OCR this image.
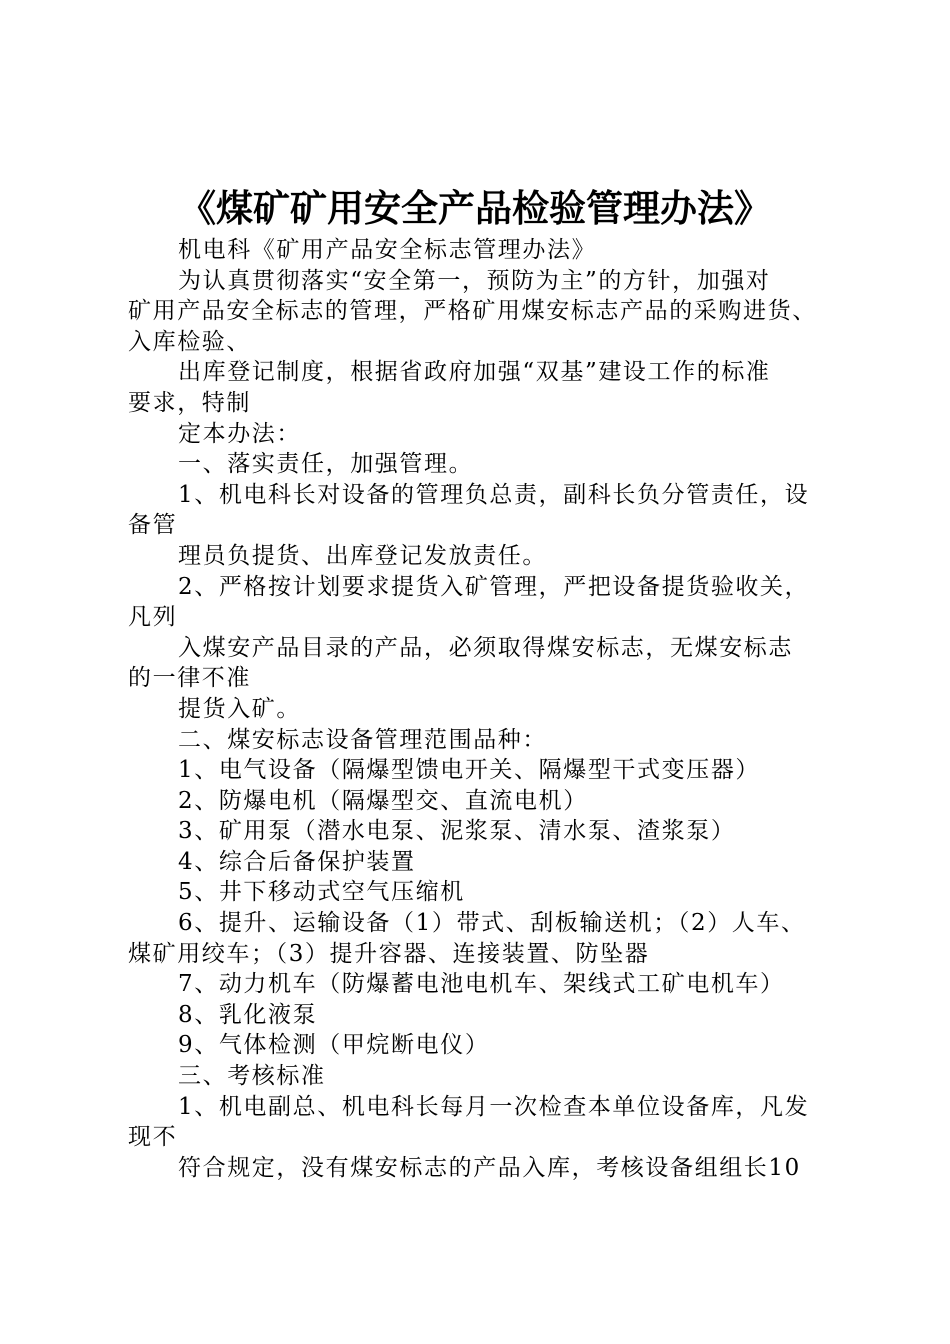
《煤矿矿用安全产品检验管理办法》
机电科《矿用产品安全标志管理办法》
为认真贯彻落实“安全第一，预防为主”的方针，加强对
矿用产品安全标志的管理，严格矿用煤安标志产品的采购进货、
入库检验、
出库登记制度，根据省政府加强“双基”建设工作的标准
要求，特制
定本办法：
一、落实责任，加强管理。
1、机电科长对设备的管理负总责，副科长负分管责任，设
备管
理员负提货、出库登记发放责任。
2、严格按计划要求提货入矿管理，严把设备提货验收关，
凡列
入煤安产品目录的产品，必须取得煤安标志，无煤安标志
的一律不准
提货入矿。
二、煤安标志设备管理范围品种：
1、电气设备（隔爆型馈电开关、隔爆型干式变压器）
2、防爆电机（隔爆型交、直流电机）
3、矿用泵（潜水电泵、泥浆泵、清水泵、渣浆泵）
4、综合后备保护装置
5、井下移动式空气压缩机
6、提升、运输设备（1）带式、刮板输送机；（2）人车、
煤矿用绞车；（3）提升容器、连接装置、防坠器
7、动力机车（防爆蓄电池电机车、架线式工矿电机车）
8、乳化液泵
9、气体检测（甲烷断电仪）
三、考核标准
1、机电副总、机电科长每月一次检查本单位设备库，凡发
现不
符合规定，没有煤安标志的产品入库，考核设备组组长10
